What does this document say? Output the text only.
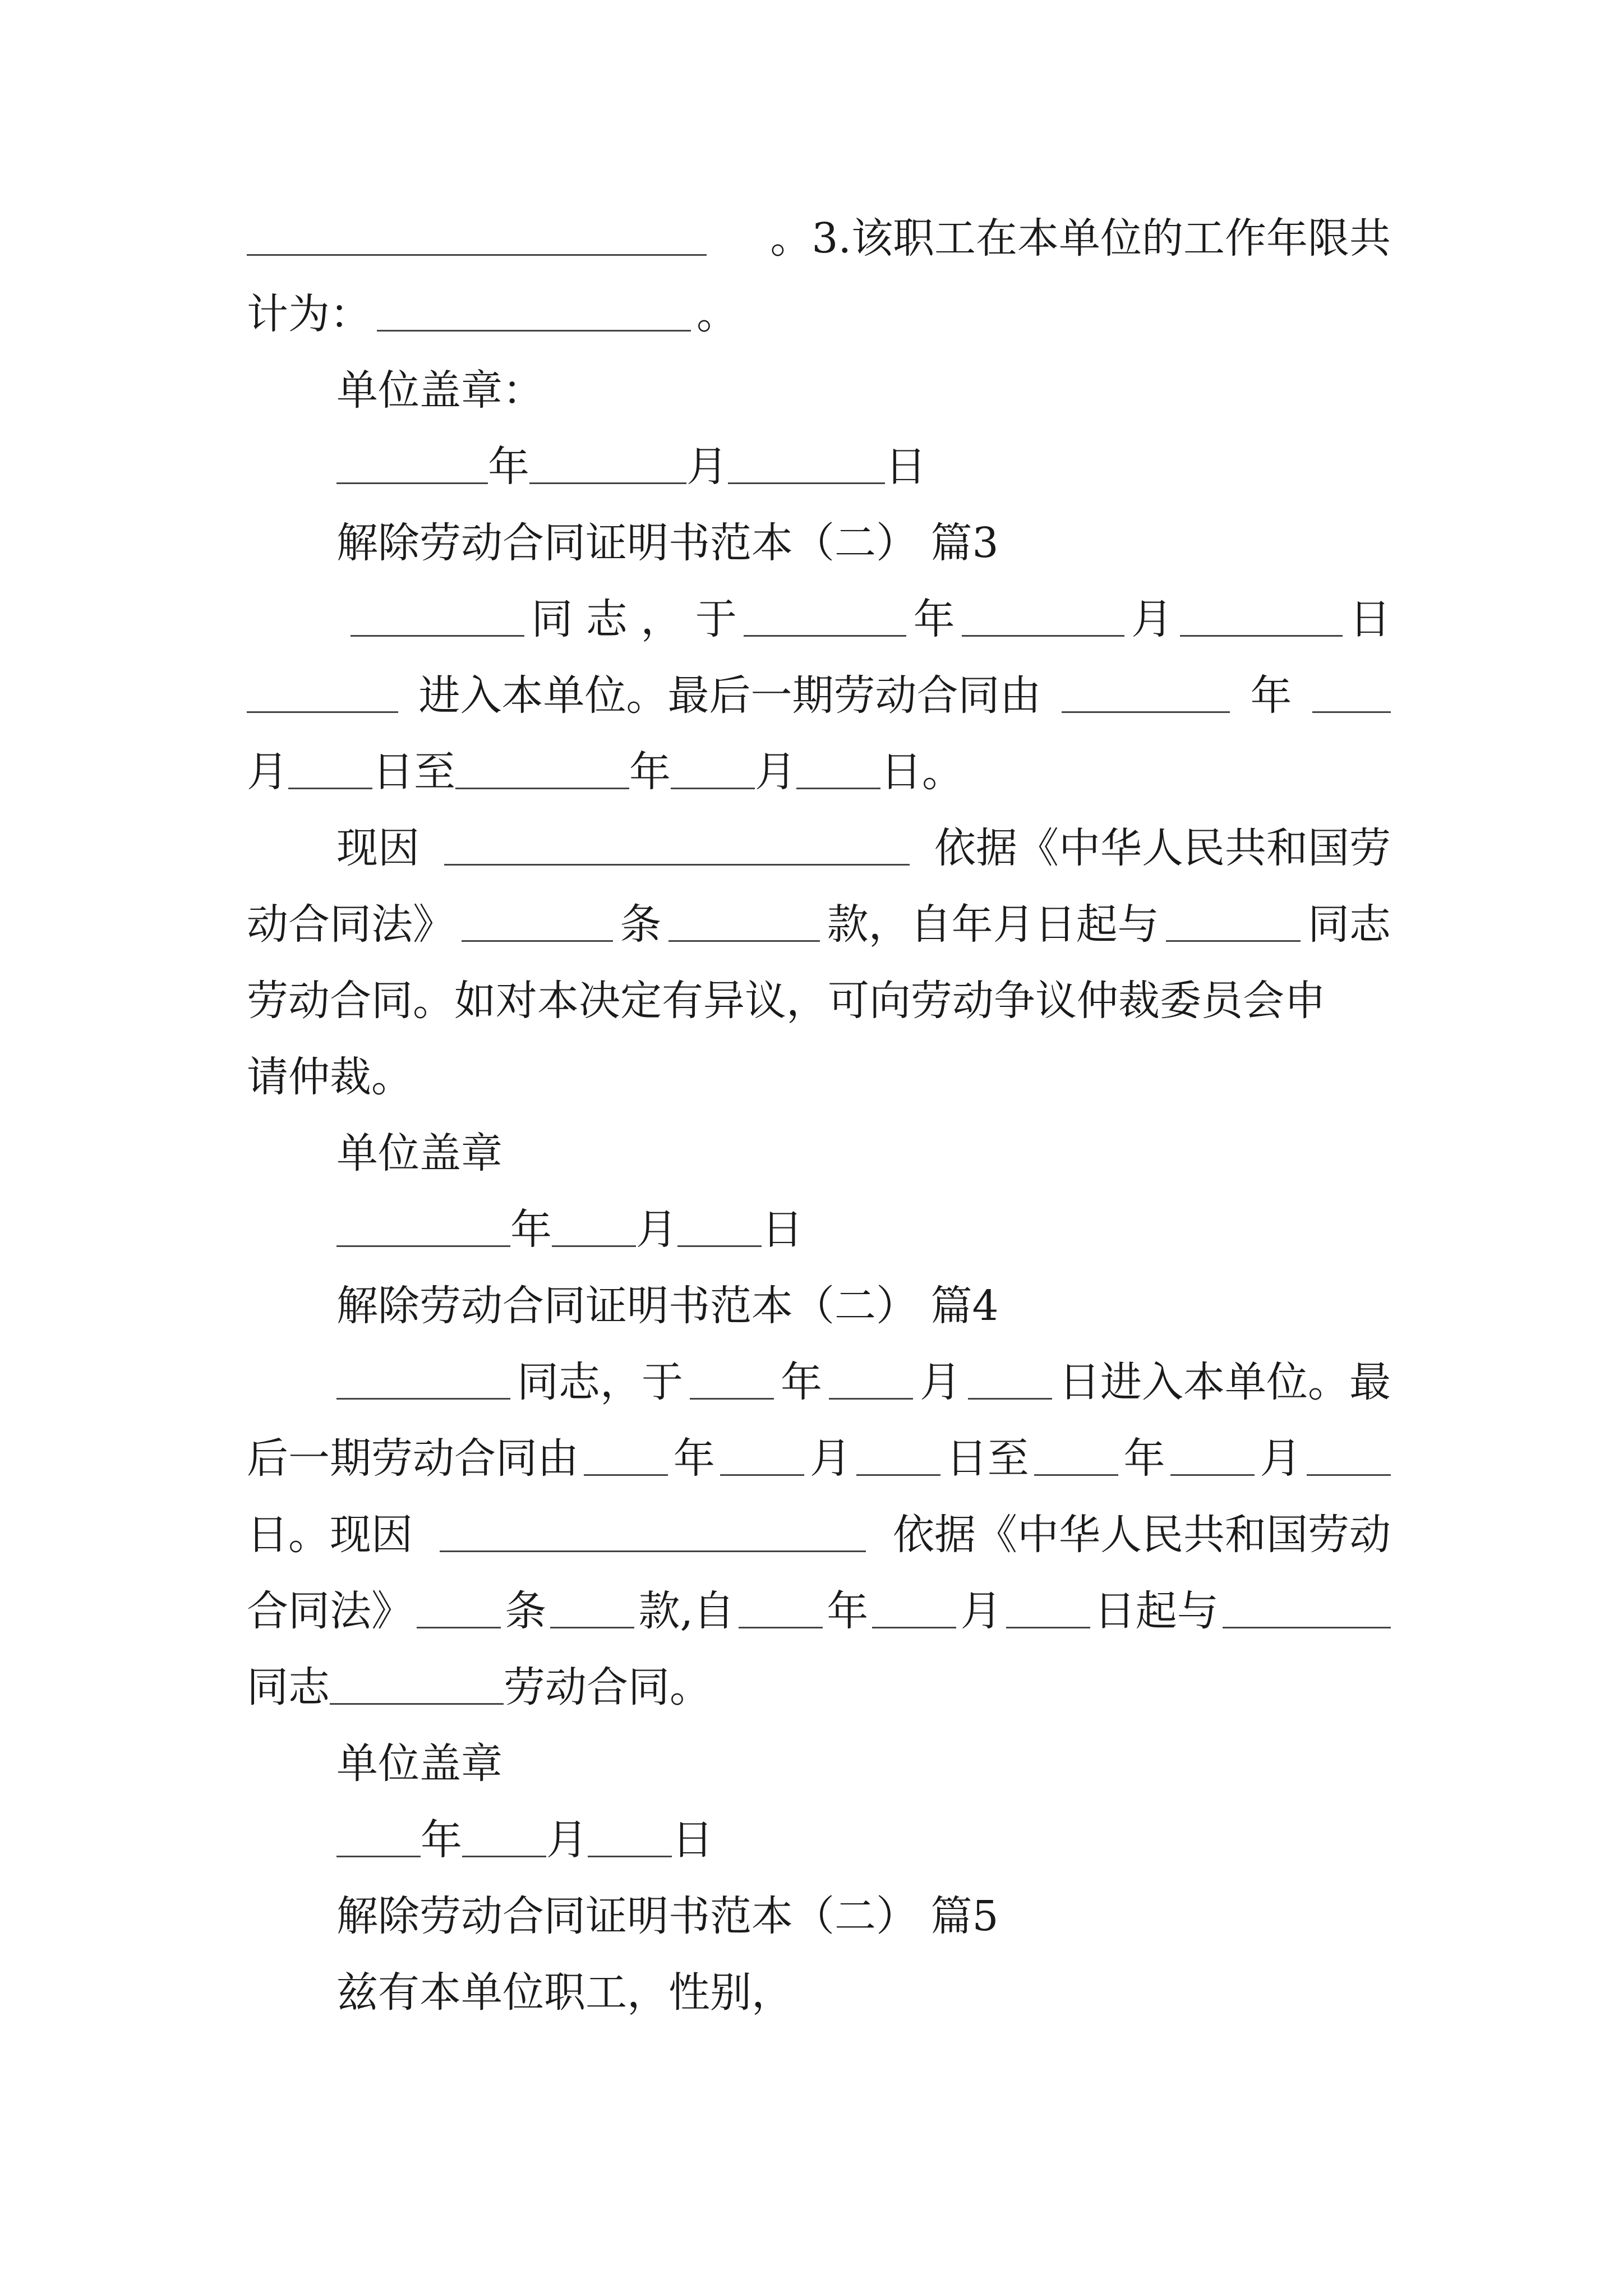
。3.该职工在本单位的工作年限共
计为：	。
单位盖章：
年	月	日
解除劳动合同证明书范本（二） 篇3
同 志 ， 于	年	月	日
进入本单位。最后一期劳动合同由	年
月 日至	年 月 日。
现因	依据《中华人民共和国劳
动合同法》	条	款，自年月日起与	同志
劳动合同。如对本决定有异议，可向劳动争议仲裁委员会申
请仲裁。
单位盖章
年 月 日
解除劳动合同证明书范本（二） 篇4
同志，于 年 月 日进入本单位。最
后一期劳动合同由 年 月 日至 年 月
日。现因	依据《中华人民共和国劳动
合同法》 条 款,自 年 月 日起与
同志	劳动合同。
单位盖章
年 月 日
解除劳动合同证明书范本（二） 篇5
兹有本单位职工，性别，
